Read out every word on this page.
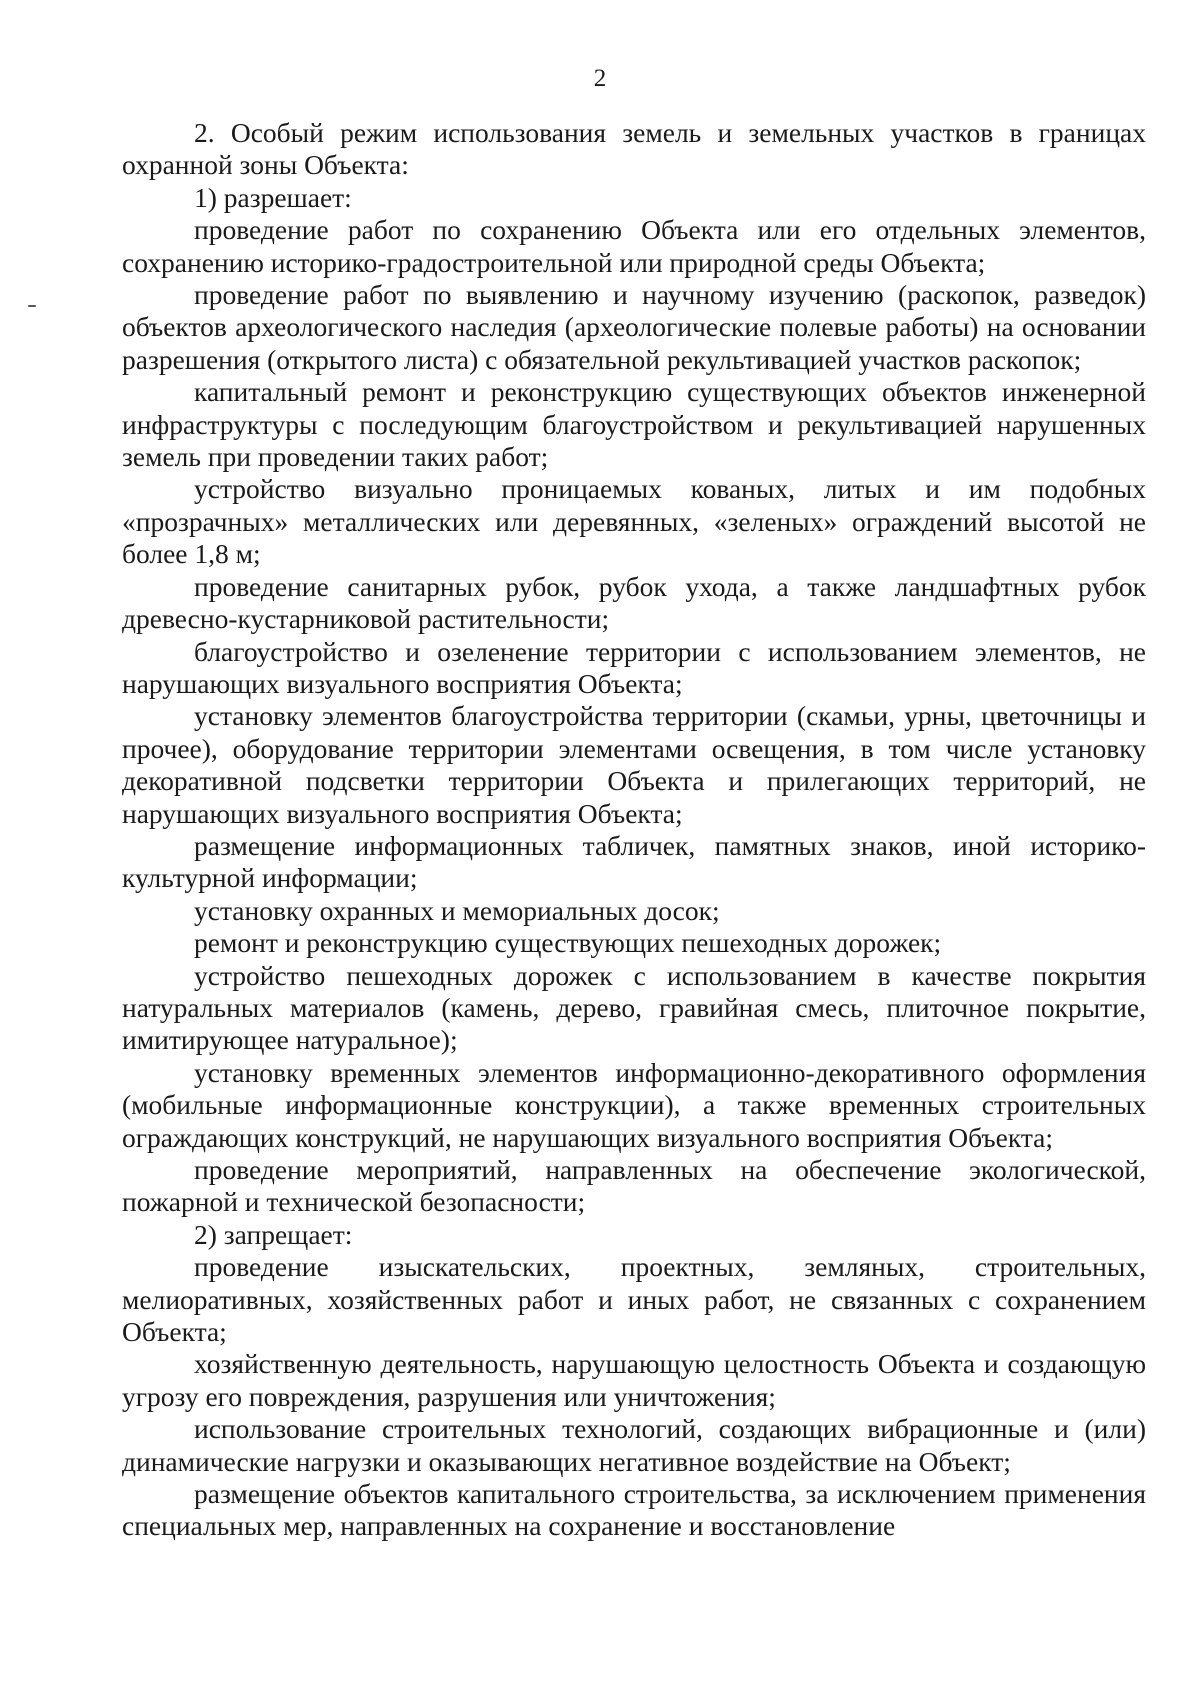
2

2. Особый режим использования земель и земельных участков в границах охранной зоны Объекта:

1) разрешает:

проведение работ по сохранению Объекта или его отдельных элементов, сохранению историко-градостроительной или природной среды Объекта;

проведение работ по выявлению и научному изучению (раскопок, разведок) объектов археологического наследия (археологические полевые работы) на основании разрешения (открытого листа) с обязательной рекультивацией участков раскопок;

капитальный ремонт и реконструкцию существующих объектов инженерной инфраструктуры с последующим благоустройством и рекультивацией нарушенных земель при проведении таких работ;

устройство визуально проницаемых кованых, литых и им подобных «прозрачных» металлических или деревянных, «зеленых» ограждений высотой не более 1,8 м;

проведение санитарных рубок, рубок ухода, а также ландшафтных рубок древесно-кустарниковой растительности;

благоустройство и озеленение территории с использованием элементов, не нарушающих визуального восприятия Объекта;

установку элементов благоустройства территории (скамьи, урны, цветочницы и прочее), оборудование территории элементами освещения, в том числе установку декоративной подсветки территории Объекта и прилегающих территорий, не нарушающих визуального восприятия Объекта;

размещение информационных табличек, памятных знаков, иной историко-культурной информации;

установку охранных и мемориальных досок;

ремонт и реконструкцию существующих пешеходных дорожек;

устройство пешеходных дорожек с использованием в качестве покрытия натуральных материалов (камень, дерево, гравийная смесь, плиточное покрытие, имитирующее натуральное);

установку временных элементов информационно-декоративного оформления (мобильные информационные конструкции), а также временных строительных ограждающих конструкций, не нарушающих визуального восприятия Объекта;

проведение мероприятий, направленных на обеспечение экологической, пожарной и технической безопасности;

2) запрещает:

проведение изыскательских, проектных, земляных, строительных, мелиоративных, хозяйственных работ и иных работ, не связанных с сохранением Объекта;

хозяйственную деятельность, нарушающую целостность Объекта и создающую угрозу его повреждения, разрушения или уничтожения;

использование строительных технологий, создающих вибрационные и (или) динамические нагрузки и оказывающих негативное воздействие на Объект;

размещение объектов капитального строительства, за исключением применения специальных мер, направленных на сохранение и восстановление
